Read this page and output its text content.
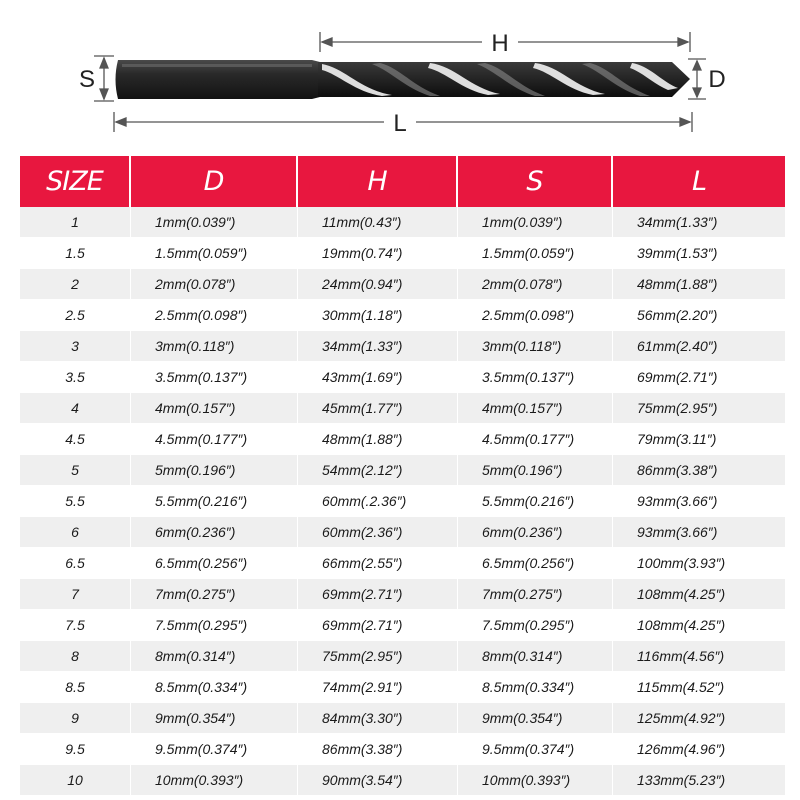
H
S	D
L
SIZE	D	H	S	L
1	1mm(0.039″)	11mm(0.43″)	1mm(0.039″)	34mm(1.33″)
1.5	1.5mm(0.059″)	19mm(0.74″)	1.5mm(0.059″)	39mm(1.53″)
2	2mm(0.078″)	24mm(0.94″)	2mm(0.078″)	48mm(1.88″)
2.5	2.5mm(0.098″)	30mm(1.18″)	2.5mm(0.098″)	56mm(2.20″)
3	3mm(0.118″)	34mm(1.33″)	3mm(0.118″)	61mm(2.40″)
3.5	3.5mm(0.137″)	43mm(1.69″)	3.5mm(0.137″)	69mm(2.71″)
4	4mm(0.157″)	45mm(1.77″)	4mm(0.157″)	75mm(2.95″)
4.5	4.5mm(0.177″)	48mm(1.88″)	4.5mm(0.177″)	79mm(3.11″)
5	5mm(0.196″)	54mm(2.12″)	5mm(0.196″)	86mm(3.38″)
5.5	5.5mm(0.216″)	60mm(.2.36″)	5.5mm(0.216″)	93mm(3.66″)
6	6mm(0.236″)	60mm(2.36″)	6mm(0.236″)	93mm(3.66″)
6.5	6.5mm(0.256″)	66mm(2.55″)	6.5mm(0.256″)	100mm(3.93″)
7	7mm(0.275″)	69mm(2.71″)	7mm(0.275″)	108mm(4.25″)
7.5	7.5mm(0.295″)	69mm(2.71″)	7.5mm(0.295″)	108mm(4.25″)
8	8mm(0.314″)	75mm(2.95″)	8mm(0.314″)	116mm(4.56″)
8.5	8.5mm(0.334″)	74mm(2.91″)	8.5mm(0.334″)	115mm(4.52″)
9	9mm(0.354″)	84mm(3.30″)	9mm(0.354″)	125mm(4.92″)
9.5	9.5mm(0.374″)	86mm(3.38″)	9.5mm(0.374″)	126mm(4.96″)
10	10mm(0.393″)	90mm(3.54″)	10mm(0.393″)	133mm(5.23″)
